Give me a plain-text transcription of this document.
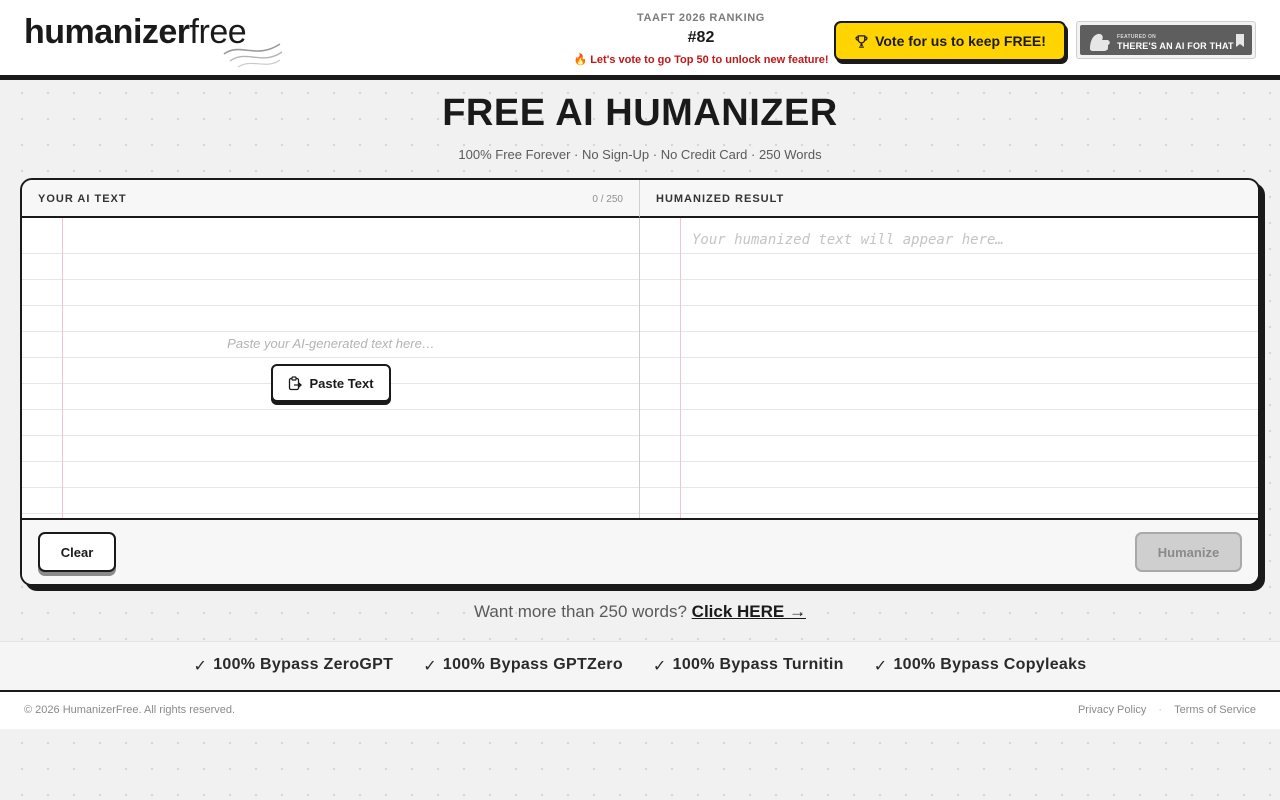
humanizer free	TAAFT 2026 RANKING
#82
🔥 Let's vote to go Top 50 to unlock new feature!
Vote for us to keep FREE!	FEATURED ON
THERE'S AN AI FOR THAT
FREE AI HUMANIZER

100% Free Forever · No Sign-Up · No Credit Card · 250 Words

YOUR AI TEXT	0 / 250	HUMANIZED RESULT
Paste your AI-generated text here…
Paste Text
Your humanized text will appear here…
Clear	Humanize
Want more than 250 words? Click HERE →
✓ 100% Bypass ZeroGPT ✓ 100% Bypass GPTZero ✓ 100% Bypass Turnitin ✓ 100% Bypass Copyleaks
© 2026 HumanizerFree. All rights reserved.	Privacy Policy · Terms of Service
